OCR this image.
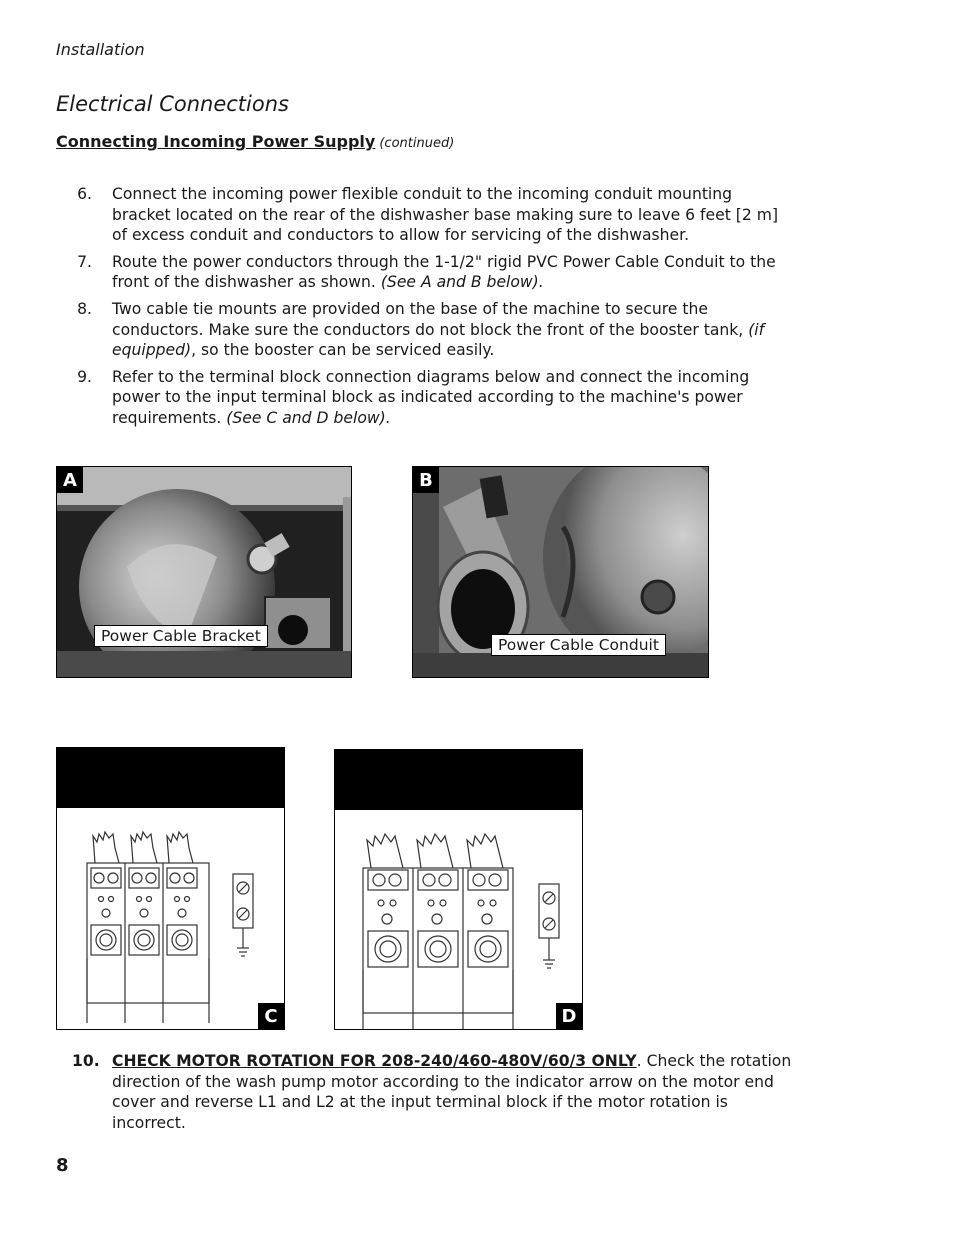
Installation
Electrical Connections
Connecting Incoming Power Supply (continued)
6.	Connect the incoming power flexible conduit to the incoming conduit mounting bracket located on the rear of the dishwasher base making sure to leave 6 feet [2 m] of excess conduit and conductors to allow for servicing of the dishwasher.
7.	Route the power conductors through the 1-1/2" rigid PVC Power Cable Conduit to the front of the dishwasher as shown. (See A and B below).
8.	Two cable tie mounts are provided on the base of the machine to secure the conductors. Make sure the conductors do not block the front of the booster tank, (if equipped), so the booster can be serviced easily.
9.	Refer to the terminal block connection diagrams below and connect the incoming power to the input terminal block as indicated according to the machine's power requirements. (See C and D below).
A
Power Cable Bracket
B
Power Cable Conduit
C	D
10. CHECK MOTOR ROTATION FOR 208-240/460-480V/60/3 ONLY. Check the rotation direction of the wash pump motor according to the indicator arrow on the motor end cover and reverse L1 and L2 at the input terminal block if the motor rotation is incorrect.
8
